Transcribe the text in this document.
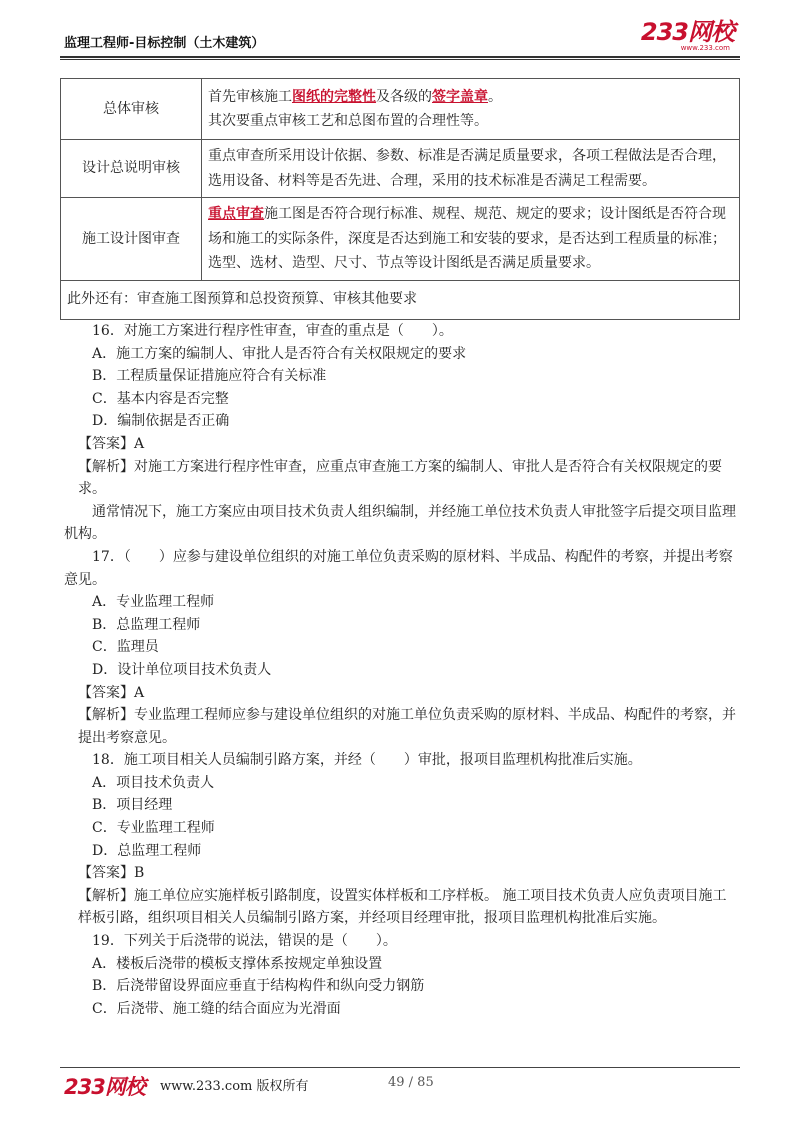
监理工程师-目标控制（土木建筑）	233网校
www.233.com
总体审核	首先审核施工图纸的完整性及各级的签字盖章。
其次要重点审核工艺和总图布置的合理性等。
设计总说明审核	重点审查所采用设计依据、参数、标准是否满足质量要求，各项工程做法是否合理，选用设备、材料等是否先进、合理，采用的技术标准是否满足工程需要。
施工设计图审查	重点审查施工图是否符合现行标准、规程、规范、规定的要求；设计图纸是否符合现场和施工的实际条件，深度是否达到施工和安装的要求，是否达到工程质量的标准；选型、选材、造型、尺寸、节点等设计图纸是否满足质量要求。
此外还有：审查施工图预算和总投资预算、审核其他要求	

16．对施工方案进行程序性审查，审查的重点是（　　）。

A．施工方案的编制人、审批人是否符合有关权限规定的要求

B．工程质量保证措施应符合有关标准

C．基本内容是否完整

D．编制依据是否正确

【答案】A

【解析】对施工方案进行程序性审查，应重点审查施工方案的编制人、审批人是否符合有关权限规定的要求。

通常情况下，施工方案应由项目技术负责人组织编制，并经施工单位技术负责人审批签字后提交项目监理机构。

17．（　　）应参与建设单位组织的对施工单位负责采购的原材料、半成品、构配件的考察，并提出考察意见。

A．专业监理工程师

B．总监理工程师

C．监理员

D．设计单位项目技术负责人

【答案】A

【解析】专业监理工程师应参与建设单位组织的对施工单位负责采购的原材料、半成品、构配件的考察，并提出考察意见。

18．施工项目相关人员编制引路方案，并经（　　）审批，报项目监理机构批准后实施。

A．项目技术负责人

B．项目经理

C．专业监理工程师

D．总监理工程师

【答案】B

【解析】施工单位应实施样板引路制度，设置实体样板和工序样板。 施工项目技术负责人应负责项目施工样板引路，组织项目相关人员编制引路方案，并经项目经理审批，报项目监理机构批准后实施。

19．下列关于后浇带的说法，错误的是（　　）。

A．楼板后浇带的模板支撑体系按规定单独设置

B．后浇带留设界面应垂直于结构构件和纵向受力钢筋

C．后浇带、施工缝的结合面应为光滑面

233网校 www.233.com 版权所有	49 / 85
